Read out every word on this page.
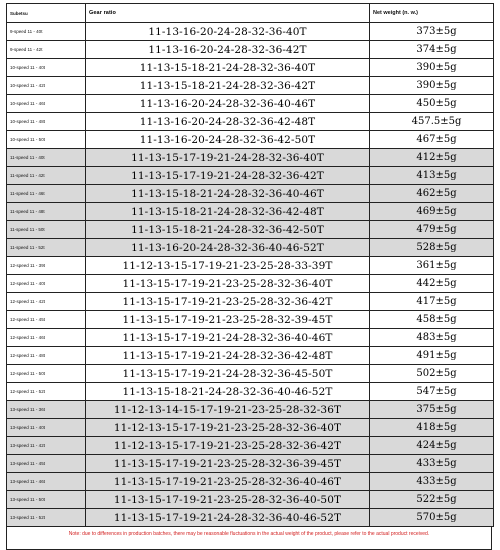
Subetsu	Gear ratio	Net weight (n. w.)
9-speed 11 - 40t	11-13-16-20-24-28-32-36-40T	373±5g
9-speed 11 - 42t	11-13-16-20-24-28-32-36-42T	374±5g
10-speed 11 - 40t	11-13-15-18-21-24-28-32-36-40T	390±5g
10-speed 11 - 42t	11-13-15-18-21-24-28-32-36-42T	390±5g
10-speed 11 - 46t	11-13-16-20-24-28-32-36-40-46T	450±5g
10-speed 11 - 48t	11-13-16-20-24-28-32-36-42-48T	457.5±5g
10-speed 11 - 50t	11-13-16-20-24-28-32-36-42-50T	467±5g
11-speed 11 - 40t	11-13-15-17-19-21-24-28-32-36-40T	412±5g
11-speed 11 - 42t	11-13-15-17-19-21-24-28-32-36-42T	413±5g
11-speed 11 - 46t	11-13-15-18-21-24-28-32-36-40-46T	462±5g
11-speed 11 - 48t	11-13-15-18-21-24-28-32-36-42-48T	469±5g
11-speed 11 - 50t	11-13-15-18-21-24-28-32-36-42-50T	479±5g
11-speed 11 - 52t	11-13-16-20-24-28-32-36-40-46-52T	528±5g
12-speed 11 - 39t	11-12-13-15-17-19-21-23-25-28-33-39T	361±5g
12-speed 11 - 40t	11-13-15-17-19-21-23-25-28-32-36-40T	442±5g
12-speed 11 - 42t	11-13-15-17-19-21-23-25-28-32-36-42T	417±5g
12-speed 11 - 45t	11-13-15-17-19-21-23-25-28-32-39-45T	458±5g
12-speed 11 - 46t	11-13-15-17-19-21-24-28-32-36-40-46T	483±5g
12-speed 11 - 48t	11-13-15-17-19-21-24-28-32-36-42-48T	491±5g
12-speed 11 - 50t	11-13-15-17-19-21-24-28-32-36-45-50T	502±5g
12-speed 11 - 52t	11-13-15-18-21-24-28-32-36-40-46-52T	547±5g
13-speed 11 - 36t	11-12-13-14-15-17-19-21-23-25-28-32-36T	375±5g
13-speed 11 - 40t	11-12-13-15-17-19-21-23-25-28-32-36-40T	418±5g
13-speed 11 - 42t	11-12-13-15-17-19-21-23-25-28-32-36-42T	424±5g
13-speed 11 - 45t	11-13-15-17-19-21-23-25-28-32-36-39-45T	433±5g
13-speed 11 - 46t	11-13-15-17-19-21-23-25-28-32-36-40-46T	433±5g
13-speed 11 - 50t	11-13-15-17-19-21-23-25-28-32-36-40-50T	522±5g
13-speed 11 - 52t	11-13-15-17-19-21-24-28-32-36-40-46-52T	570±5g
Note: due to differences in production batches, there may be reasonable fluctuations in the actual weight of the product, please refer to the actual product received.
